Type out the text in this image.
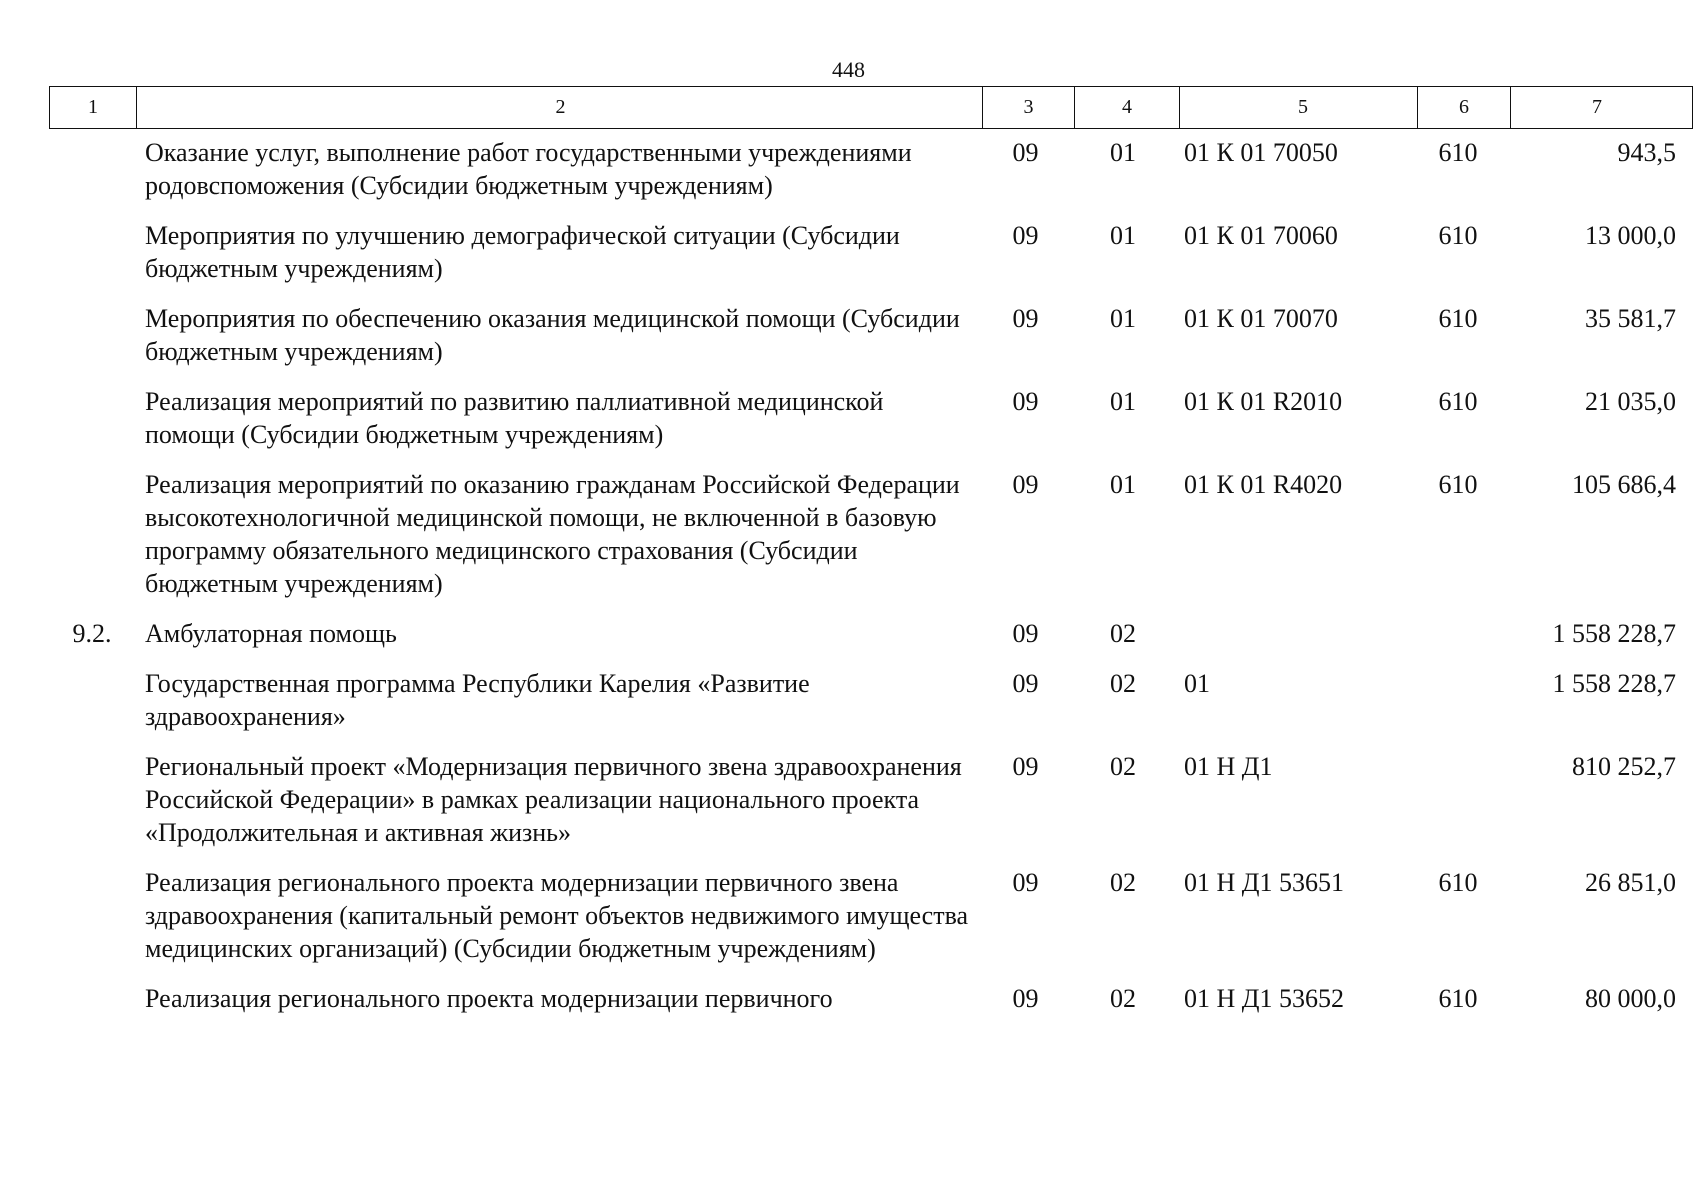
448
1	2	3	4	5	6	7
	Оказание услуг, выполнение работ государственными учреждениями родовспоможения (Субсидии бюджетным учреждениям)	09	01	01 К 01 70050	610	943,5
	Мероприятия по улучшению демографической ситуации (Субсидии бюджетным учреждениям)	09	01	01 К 01 70060	610	13 000,0
	Мероприятия по обеспечению оказания медицинской помощи (Субсидии бюджетным учреждениям)	09	01	01 К 01 70070	610	35 581,7
	Реализация мероприятий по развитию паллиативной медицинской помощи (Субсидии бюджетным учреждениям)	09	01	01 К 01 R2010	610	21 035,0
	Реализация мероприятий по оказанию гражданам Российской Федерации высокотехнологичной медицинской помощи, не включенной в базовую программу обязательного медицинского страхования (Субсидии бюджетным учреждениям)	09	01	01 К 01 R4020	610	105 686,4
9.2.	Амбулаторная помощь	09	02			1 558 228,7
	Государственная программа Республики Карелия «Развитие здравоохранения»	09	02	01		1 558 228,7
	Региональный проект «Модернизация первичного звена здравоохранения Российской Федерации» в рамках реализации национального проекта «Продолжительная и активная жизнь»	09	02	01 Н Д1		810 252,7
	Реализация регионального проекта модернизации первичного звена здравоохранения (капитальный ремонт объектов недвижимого имущества медицинских организаций) (Субсидии бюджетным учреждениям)	09	02	01 Н Д1 53651	610	26 851,0
	Реализация регионального проекта модернизации первичного	09	02	01 Н Д1 53652	610	80 000,0
